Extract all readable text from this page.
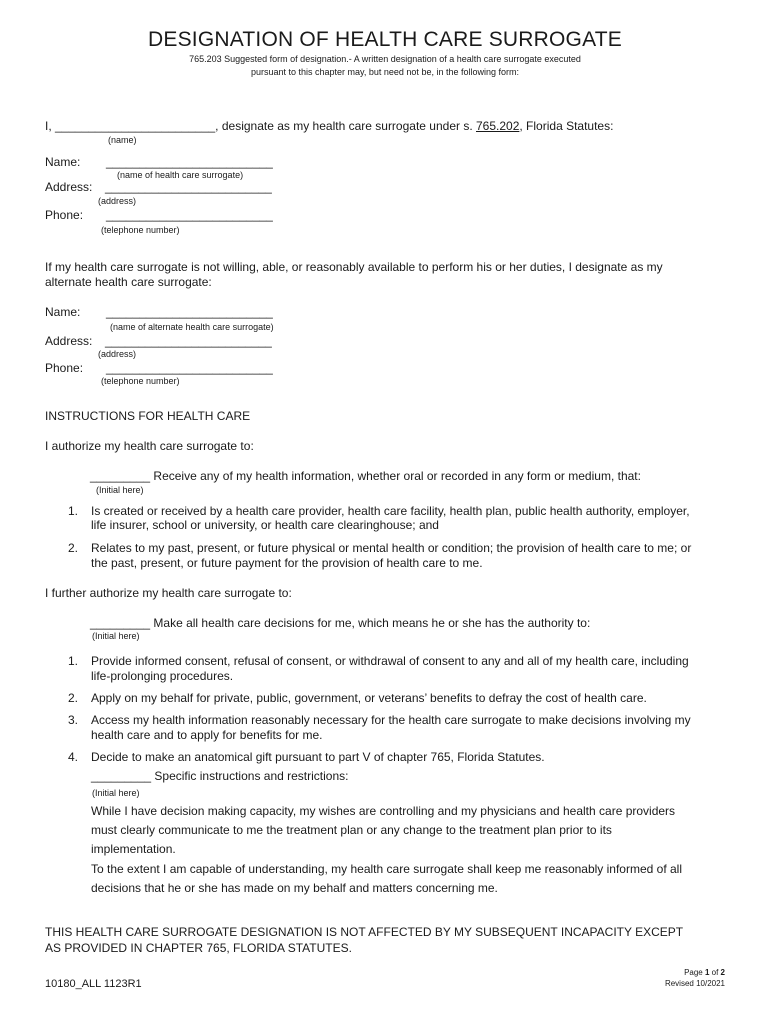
DESIGNATION OF HEALTH CARE SURROGATE
765.203 Suggested form of designation.- A written designation of a health care surrogate executed
pursuant to this chapter may, but need not be, in the following form:
I, ________________________, designate as my health care surrogate under s. 765.202, Florida Statutes:
(name)
Name: _________________________
(name of health care surrogate)
Address: _________________________
(address)
Phone: _________________________
(telephone number)
If my health care surrogate is not willing, able, or reasonably available to perform his or her duties, I designate as my
alternate health care surrogate:
Name: _________________________
(name of alternate health care surrogate)
Address: _________________________
(address)
Phone: _________________________
(telephone number)
INSTRUCTIONS FOR HEALTH CARE
I authorize my health care surrogate to:
_________ Receive any of my health information, whether oral or recorded in any form or medium, that:
(Initial here)
1. Is created or received by a health care provider, health care facility, health plan, public health authority, employer,
life insurer, school or university, or health care clearinghouse; and
2. Relates to my past, present, or future physical or mental health or condition; the provision of health care to me; or
the past, present, or future payment for the provision of health care to me.
I further authorize my health care surrogate to:
_________ Make all health care decisions for me, which means he or she has the authority to:
(Initial here)
1. Provide informed consent, refusal of consent, or withdrawal of consent to any and all of my health care, including
life-prolonging procedures.
2. Apply on my behalf for private, public, government, or veterans’ benefits to defray the cost of health care.
3. Access my health information reasonably necessary for the health care surrogate to make decisions involving my
health care and to apply for benefits for me.
4. Decide to make an anatomical gift pursuant to part V of chapter 765, Florida Statutes.
_________ Specific instructions and restrictions:
(Initial here)
While I have decision making capacity, my wishes are controlling and my physicians and health care providers
must clearly communicate to me the treatment plan or any change to the treatment plan prior to its
implementation.
To the extent I am capable of understanding, my health care surrogate shall keep me reasonably informed of all
decisions that he or she has made on my behalf and matters concerning me.
THIS HEALTH CARE SURROGATE DESIGNATION IS NOT AFFECTED BY MY SUBSEQUENT INCAPACITY EXCEPT
AS PROVIDED IN CHAPTER 765, FLORIDA STATUTES.
Page 1 of 2
Revised 10/2021
10180_ALL 1123R1
